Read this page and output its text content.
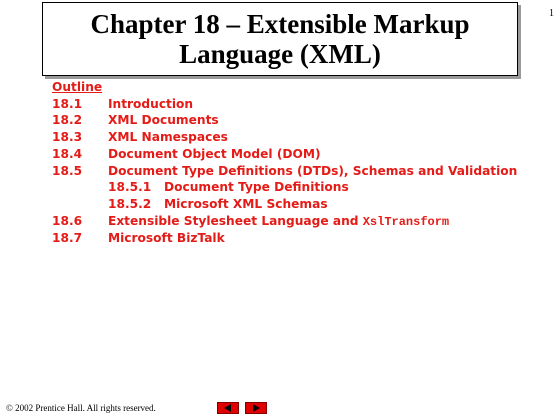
1
Chapter 18 – Extensible Markup
Language (XML)
Outline
18.1	Introduction
18.2	XML Documents
18.3	XML Namespaces
18.4	Document Object Model (DOM)
18.5	Document Type Definitions (DTDs), Schemas and Validation
18.5.1	Document Type Definitions
18.5.2	Microsoft XML Schemas
18.6	Extensible Stylesheet Language and XslTransform
18.7	Microsoft BizTalk
© 2002 Prentice Hall. All rights reserved.
